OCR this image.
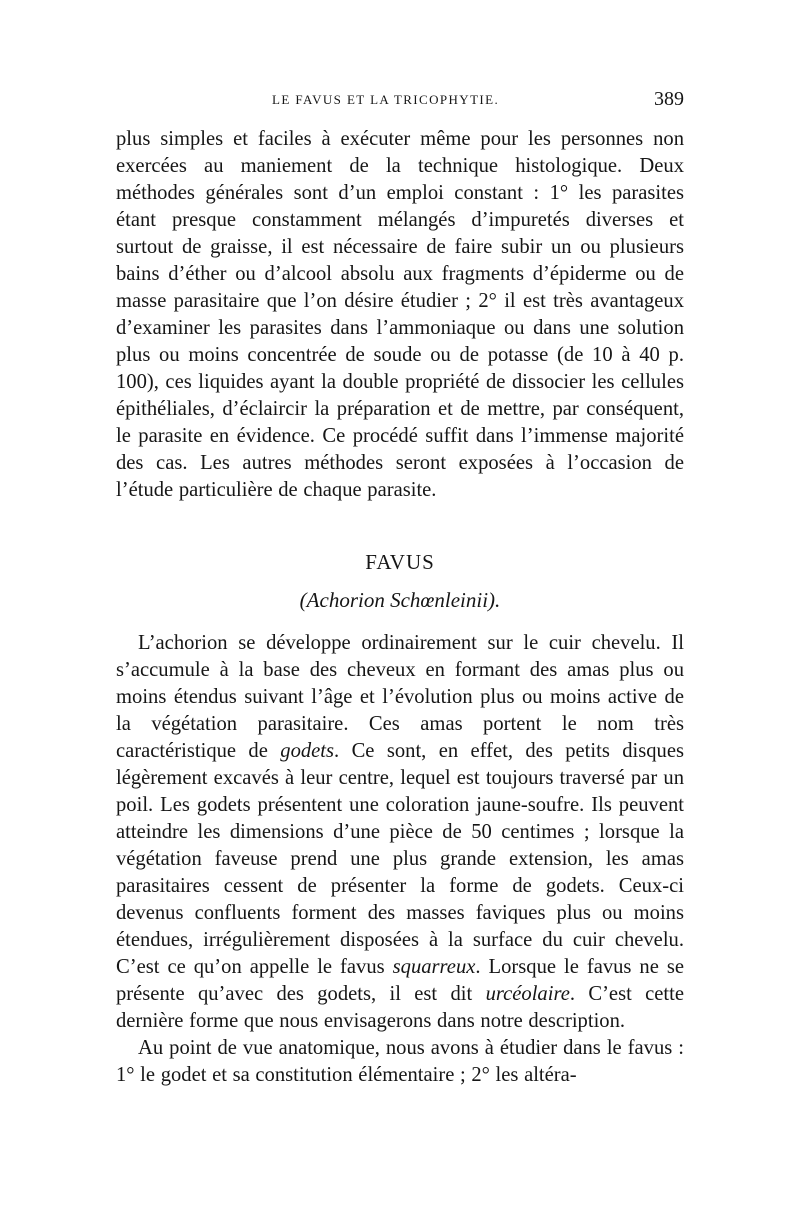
LE FAVUS ET LA TRICOPHYTIE.	389

plus simples et faciles à exécuter même pour les personnes non exercées au maniement de la technique histologique. Deux méthodes générales sont d’un emploi constant : 1° les parasites étant presque constamment mélangés d’impuretés diverses et surtout de graisse, il est nécessaire de faire subir un ou plusieurs bains d’éther ou d’alcool absolu aux fragments d’épiderme ou de masse parasitaire que l’on désire étudier ; 2° il est très avantageux d’examiner les parasites dans l’ammoniaque ou dans une solution plus ou moins concentrée de soude ou de potasse (de 10 à 40 p. 100), ces liquides ayant la double propriété de dissocier les cellules épithéliales, d’éclaircir la préparation et de mettre, par conséquent, le parasite en évidence. Ce procédé suffit dans l’immense majorité des cas. Les autres méthodes seront exposées à l’occasion de l’étude particulière de chaque parasite.

FAVUS
(Achorion Schœnleinii).

L’achorion se développe ordinairement sur le cuir chevelu. Il s’accumule à la base des cheveux en formant des amas plus ou moins étendus suivant l’âge et l’évolution plus ou moins active de la végétation parasitaire. Ces amas portent le nom très caractéristique de godets. Ce sont, en effet, des petits disques légèrement excavés à leur centre, lequel est toujours traversé par un poil. Les godets présentent une coloration jaune-soufre. Ils peuvent atteindre les dimensions d’une pièce de 50 centimes ; lorsque la végétation faveuse prend une plus grande extension, les amas parasitaires cessent de présenter la forme de godets. Ceux-ci devenus confluents forment des masses faviques plus ou moins étendues, irrégulièrement disposées à la surface du cuir chevelu. C’est ce qu’on appelle le favus squarreux. Lorsque le favus ne se présente qu’avec des godets, il est dit urcéolaire. C’est cette dernière forme que nous envisagerons dans notre description.

Au point de vue anatomique, nous avons à étudier dans le favus : 1° le godet et sa constitution élémentaire ; 2° les altéra-
